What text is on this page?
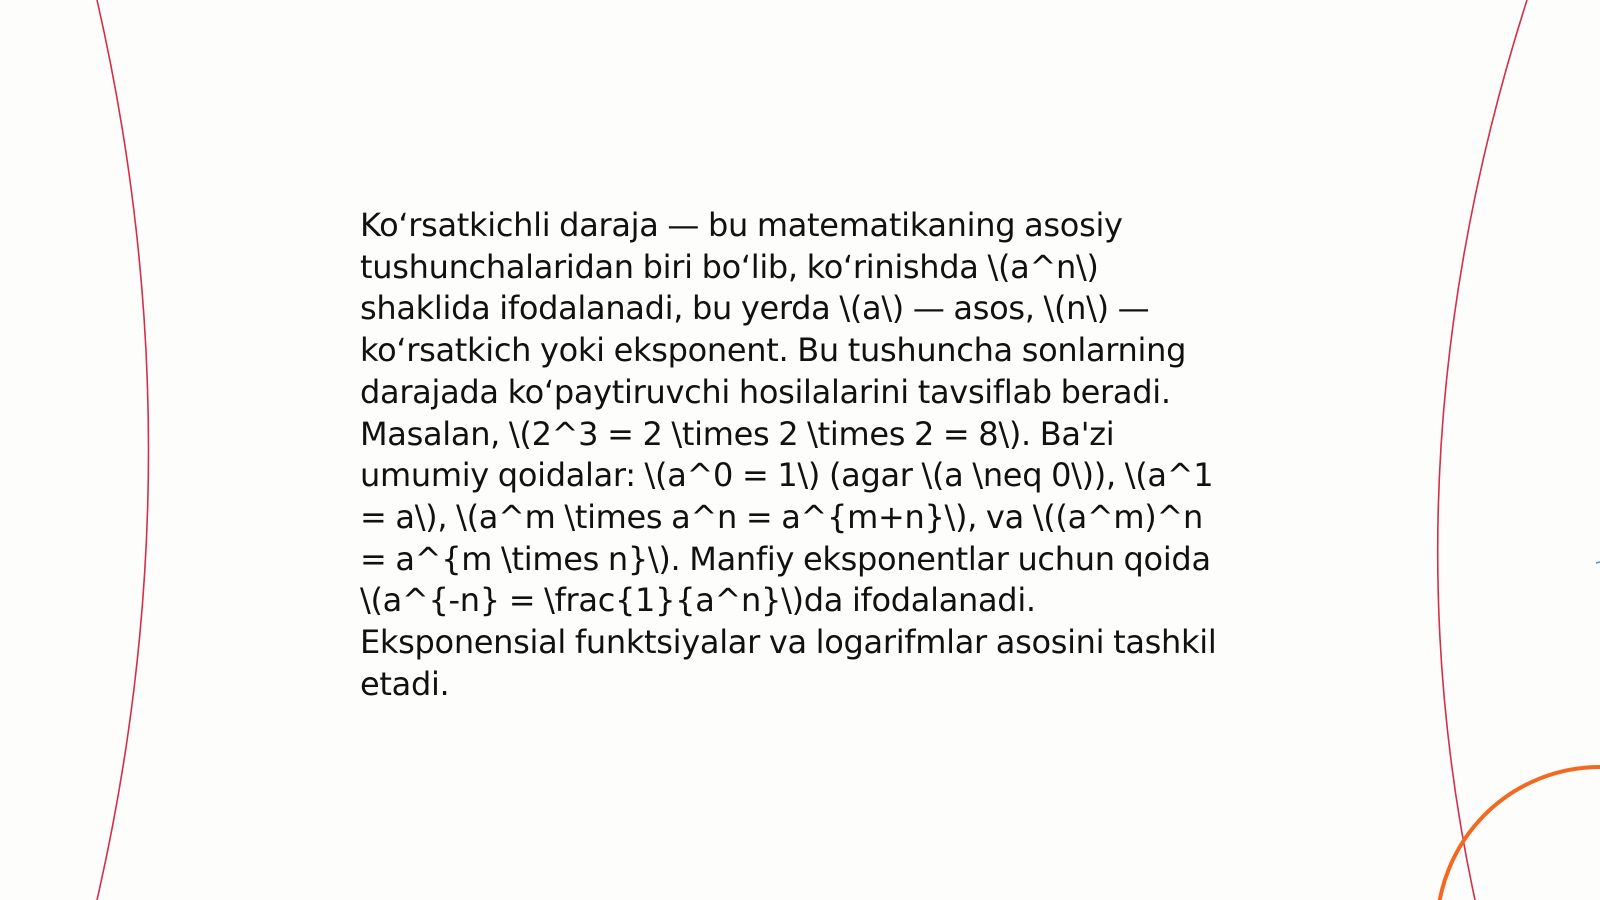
Koʻrsatkichli daraja — bu matematikaning asosiy tushunchalaridan biri boʻlib, koʻrinishda \(a^n\) shaklida ifodalanadi, bu yerda \(a\) — asos, \(n\) — koʻrsatkich yoki eksponent. Bu tushuncha sonlarning darajada koʻpaytiruvchi hosilalarini tavsiflab beradi. Masalan, \(2^3 = 2 \times 2 \times 2 = 8\). Ba'zi umumiy qoidalar: \(a^0 = 1\) (agar \(a \neq 0\)), \(a^1 = a\), \(a^m \times a^n = a^{m+n}\), va \((a^m)^n = a^{m \times n}\). Manfiy eksponentlar uchun qoida \(a^{-n} = \frac{1}{a^n}\)da ifodalanadi. Eksponensial funktsiyalar va logarifmlar asosini tashkil etadi.
